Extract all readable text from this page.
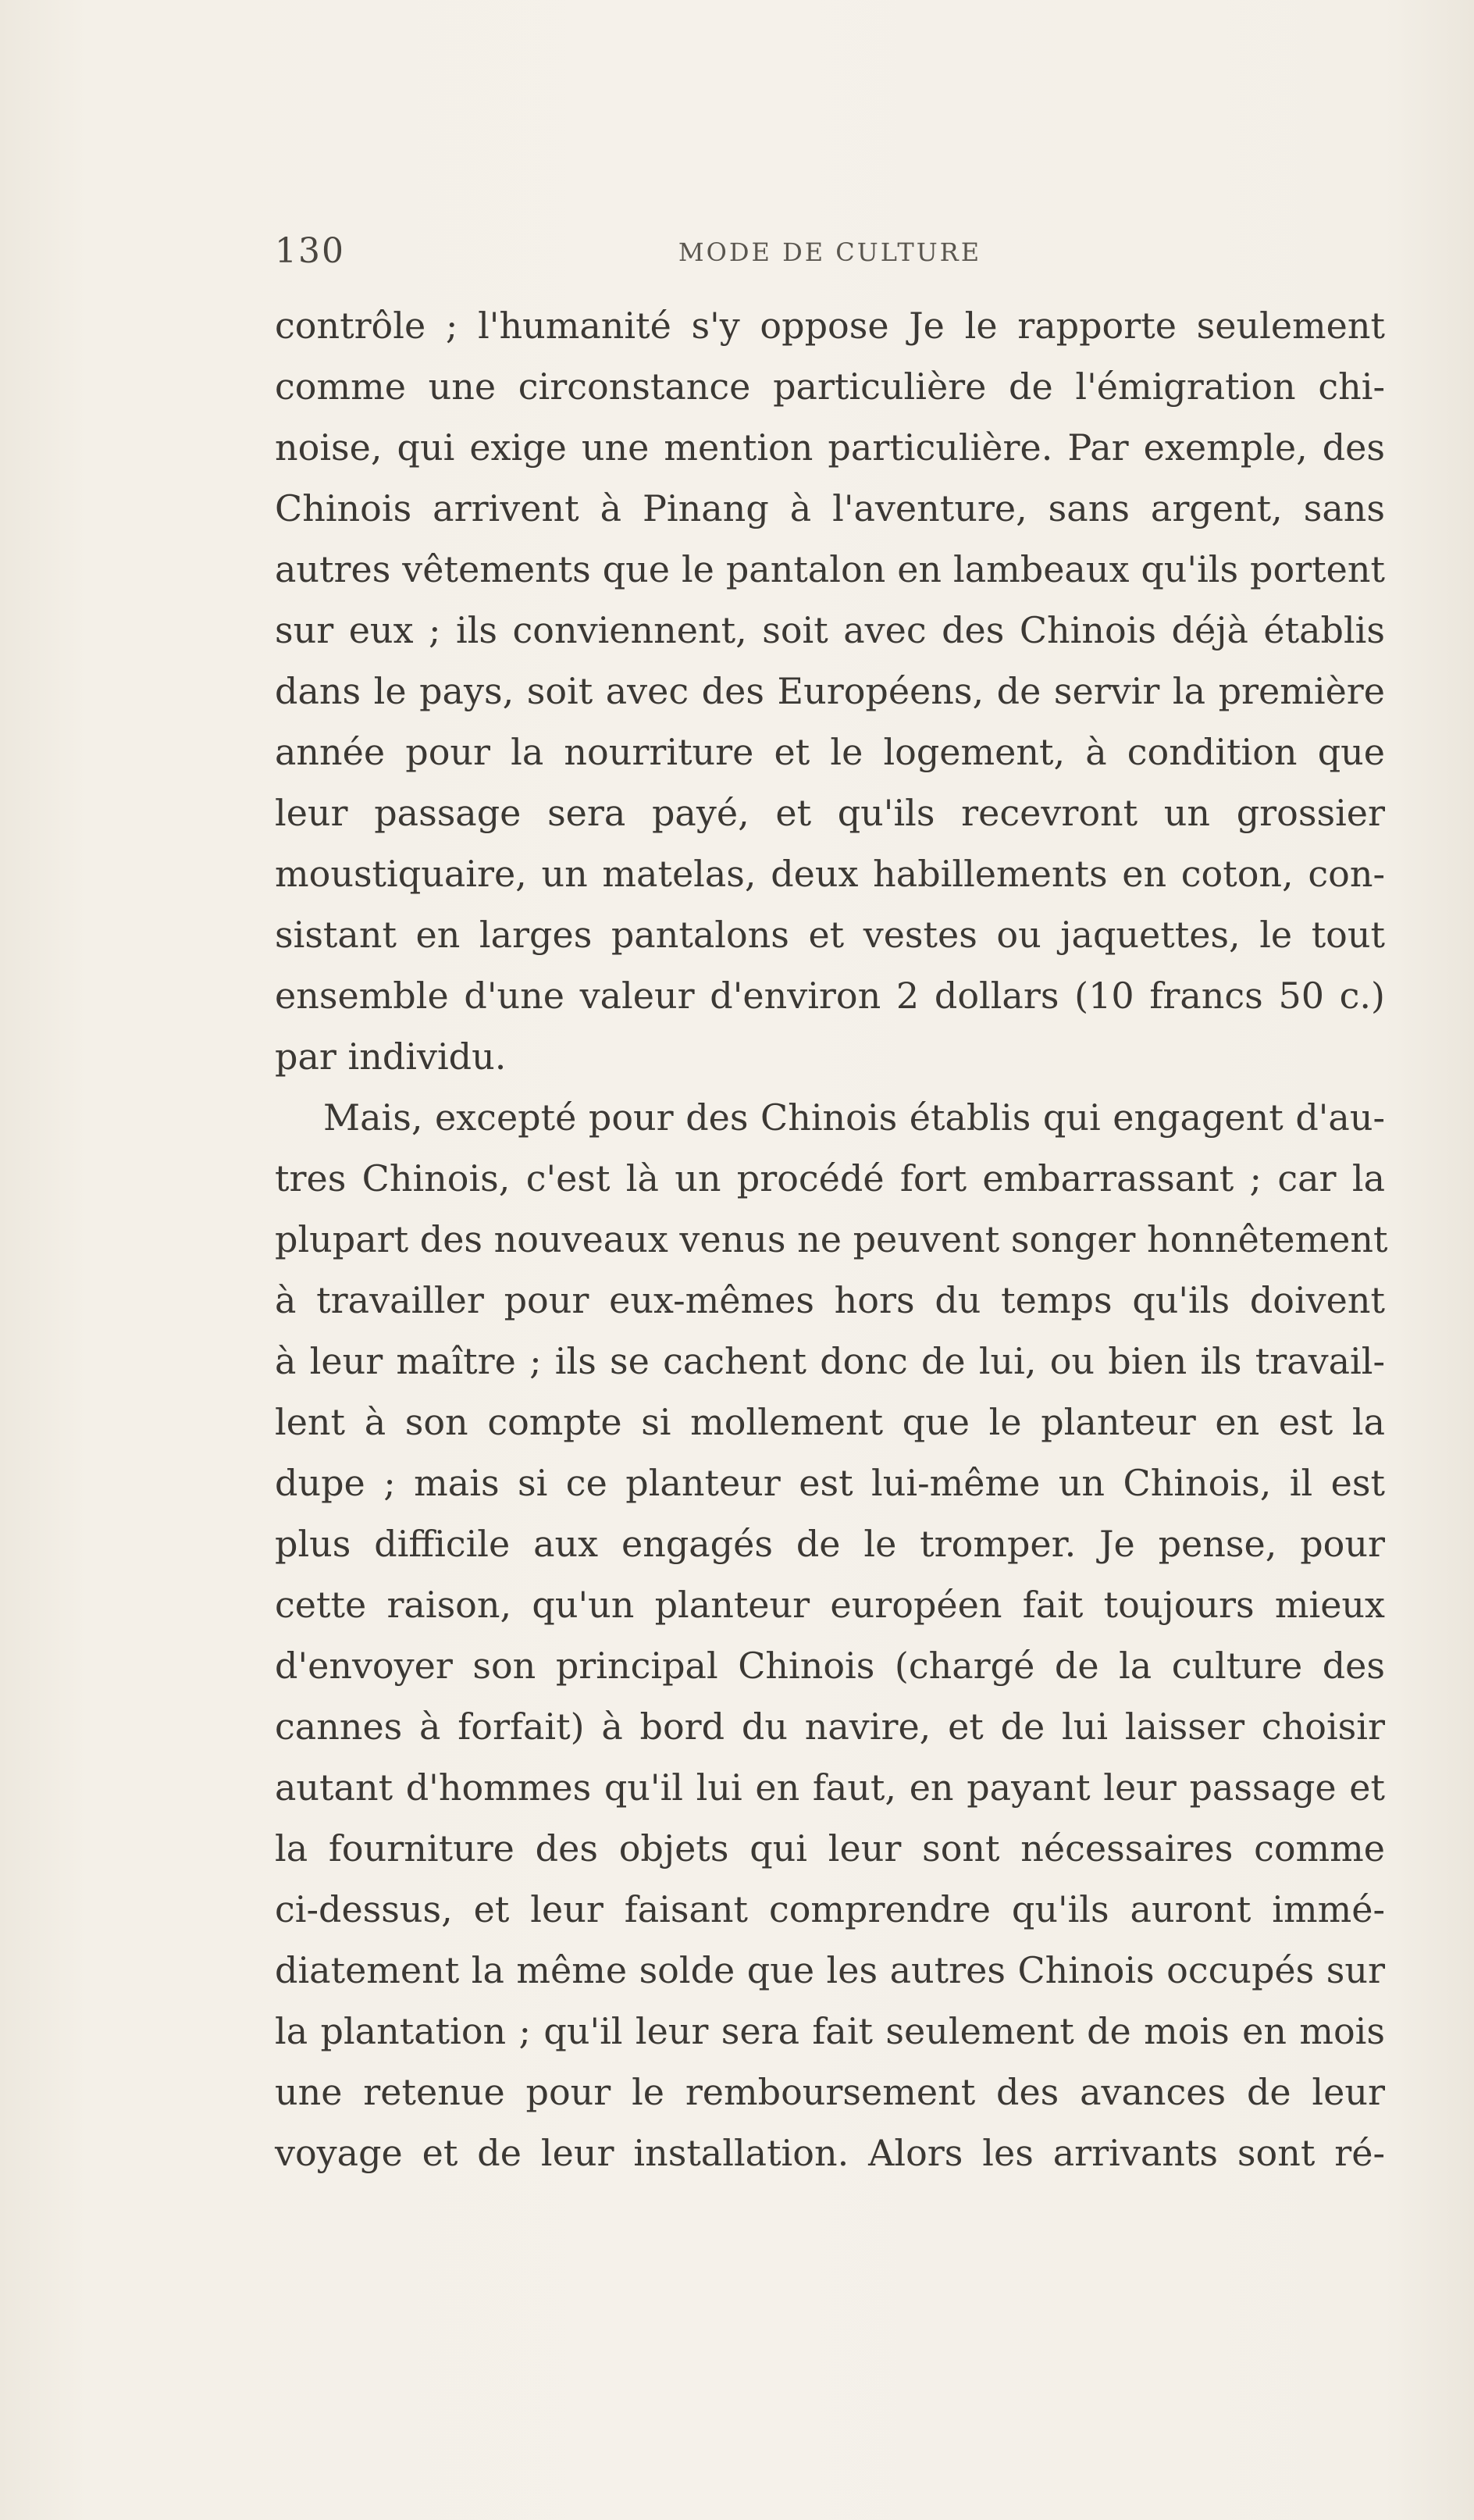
130	MODE DE CULTURE
contrôle ; l'humanité s'y oppose Je le rapporte seulement
comme une circonstance particulière de l'émigration chi-
noise, qui exige une mention particulière. Par exemple, des
Chinois arrivent à Pinang à l'aventure, sans argent, sans
autres vêtements que le pantalon en lambeaux qu'ils portent
sur eux ; ils conviennent, soit avec des Chinois déjà établis
dans le pays, soit avec des Européens, de servir la première
année pour la nourriture et le logement, à condition que
leur passage sera payé, et qu'ils recevront un grossier
moustiquaire, un matelas, deux habillements en coton, con-
sistant en larges pantalons et vestes ou jaquettes, le tout
ensemble d'une valeur d'environ 2 dollars (10 francs 50 c.)
par individu.
Mais, excepté pour des Chinois établis qui engagent d'au-
tres Chinois, c'est là un procédé fort embarrassant ; car la
plupart des nouveaux venus ne peuvent songer honnêtement
à travailler pour eux-mêmes hors du temps qu'ils doivent
à leur maître ; ils se cachent donc de lui, ou bien ils travail-
lent à son compte si mollement que le planteur en est la
dupe ; mais si ce planteur est lui-même un Chinois, il est
plus difficile aux engagés de le tromper. Je pense, pour
cette raison, qu'un planteur européen fait toujours mieux
d'envoyer son principal Chinois (chargé de la culture des
cannes à forfait) à bord du navire, et de lui laisser choisir
autant d'hommes qu'il lui en faut, en payant leur passage et
la fourniture des objets qui leur sont nécessaires comme
ci-dessus, et leur faisant comprendre qu'ils auront immé-
diatement la même solde que les autres Chinois occupés sur
la plantation ; qu'il leur sera fait seulement de mois en mois
une retenue pour le remboursement des avances de leur
voyage et de leur installation. Alors les arrivants sont ré-
